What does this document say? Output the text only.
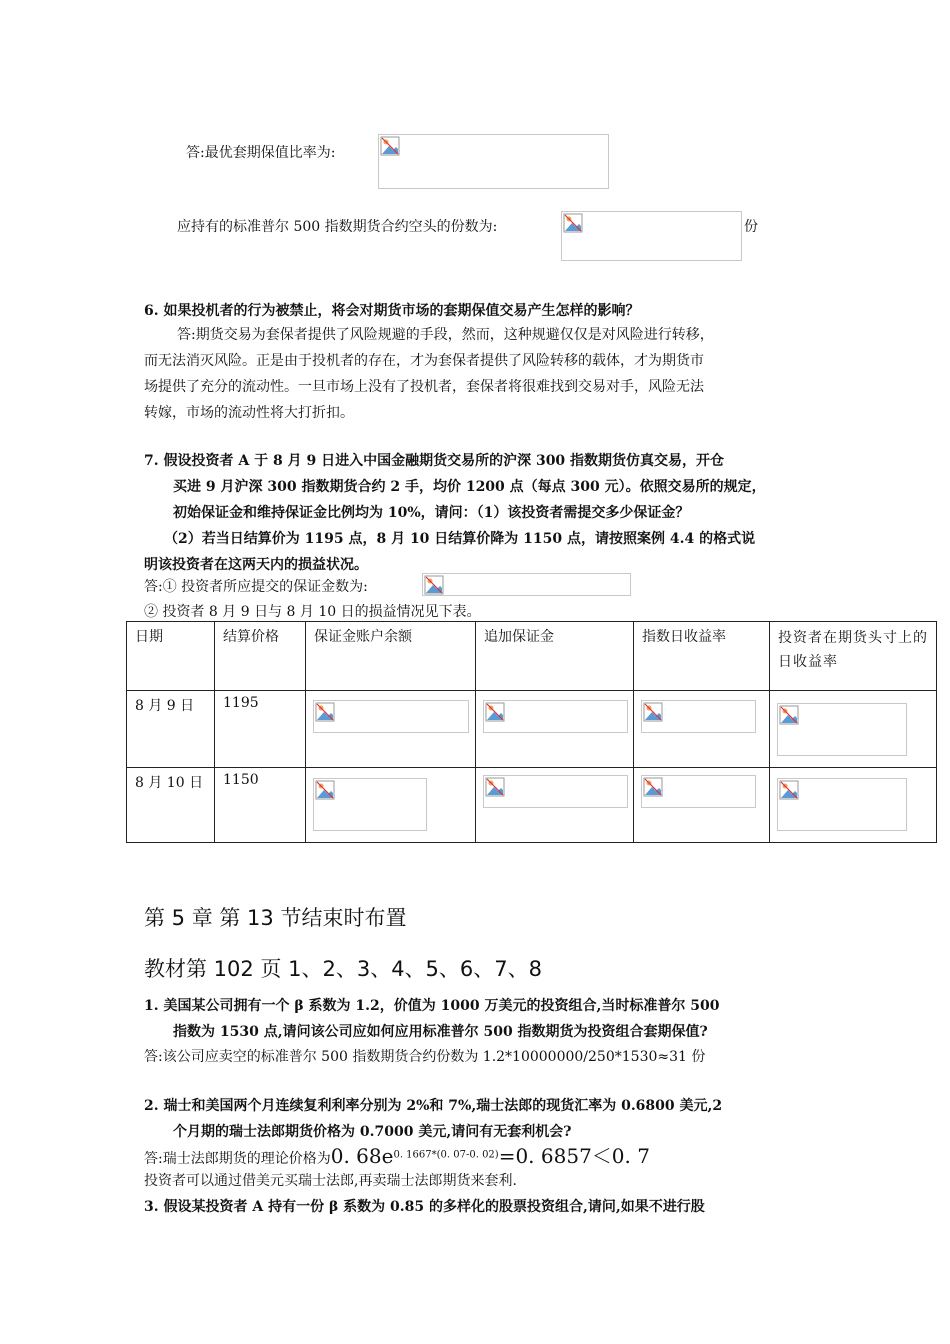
答:最优套期保值比率为:
应持有的标准普尔 500 指数期货合约空头的份数为:	份
6. 如果投机者的行为被禁止，将会对期货市场的套期保值交易产生怎样的影响？
答:期货交易为套保者提供了风险规避的手段，然而，这种规避仅仅是对风险进行转移，
而无法消灭风险。正是由于投机者的存在，才为套保者提供了风险转移的载体，才为期货市
场提供了充分的流动性。一旦市场上没有了投机者，套保者将很难找到交易对手，风险无法
转嫁，市场的流动性将大打折扣。
7. 假设投资者 A 于 8 月 9 日进入中国金融期货交易所的沪深 300 指数期货仿真交易，开仓
买进 9 月沪深 300 指数期货合约 2 手，均价 1200 点（每点 300 元）。依照交易所的规定，
初始保证金和维持保证金比例均为 10%，请问：（1）该投资者需提交多少保证金？
（2）若当日结算价为 1195 点，8 月 10 日结算价降为 1150 点，请按照案例 4.4 的格式说
明该投资者在这两天内的损益状况。
答:① 投资者所应提交的保证金数为:
② 投资者 8 月 9 日与 8 月 10 日的损益情况见下表。
日期	结算价格	保证金账户余额	追加保证金	指数日收益率	投资者在期货头寸上的日收益率
8 月 9 日	1195	

8 月 10 日	1150	

第 5 章 第 13 节结束时布置
教材第 102 页 1、2、3、4、5、6、7、8
1. 美国某公司拥有一个 β 系数为 1.2，价值为 1000 万美元的投资组合,当时标准普尔 500
指数为 1530 点,请问该公司应如何应用标准普尔 500 指数期货为投资组合套期保值?
答:该公司应卖空的标准普尔 500 指数期货合约份数为 1.2*10000000/250*1530≈31 份
2. 瑞士和美国两个月连续复利利率分别为 2%和 7%,瑞士法郎的现货汇率为 0.6800 美元,2
个月期的瑞士法郎期货价格为 0.7000 美元,请问有无套利机会?
答:瑞士法郎期货的理论价格为0. $68e^{0. 1667*(0. 07-0. 02)}=0$. 6857＜0. 7
投资者可以通过借美元买瑞士法郎,再卖瑞士法郎期货来套利.
3. 假设某投资者 A 持有一份 β 系数为 0.85 的多样化的股票投资组合,请问,如果不进行股
